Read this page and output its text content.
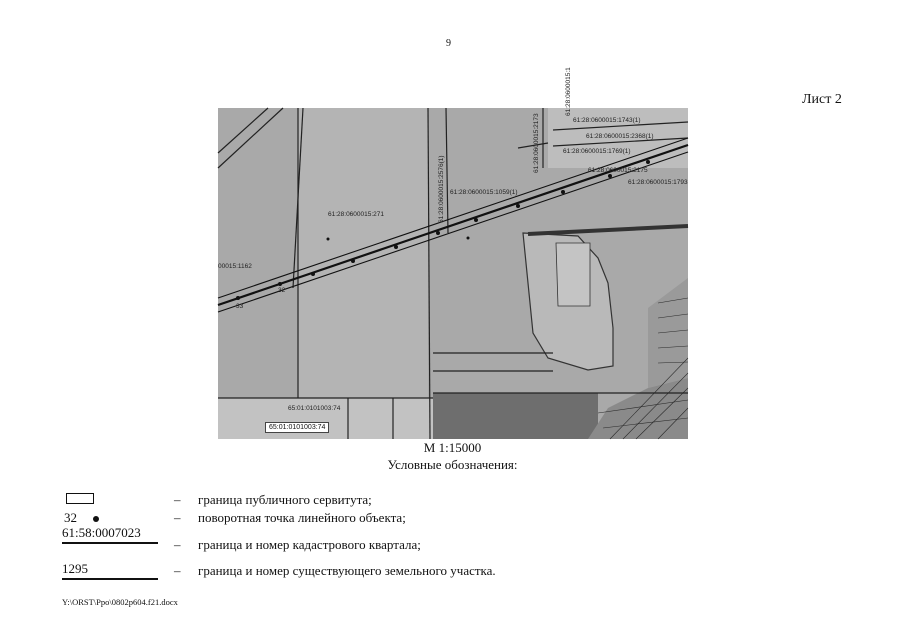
9
Лист 2
61:28:0600015:1743(1)
61:28:0600015:2368(1)
61:28:0600015:1769(1)
61:28:0600015:2175
61:28:0600015:1793
61:28:0600015:1059(1)
61:28:0600015:2576(1)
61:28:0600015:271
61:28:0600015:2173
00015:1162
65:01:0101003:74
61:28:0600015:1
33
32
65:01:0101003:74
М 1:15000
Условные обозначения:
– граница публичного сервитута;
32	– поворотная точка линейного объекта;
61:58:0007023
– граница и номер кадастрового квартала;
1295	– граница и номер существующего земельного участка.
Y:\ORST\Ppo\0802p604.f21.docx
